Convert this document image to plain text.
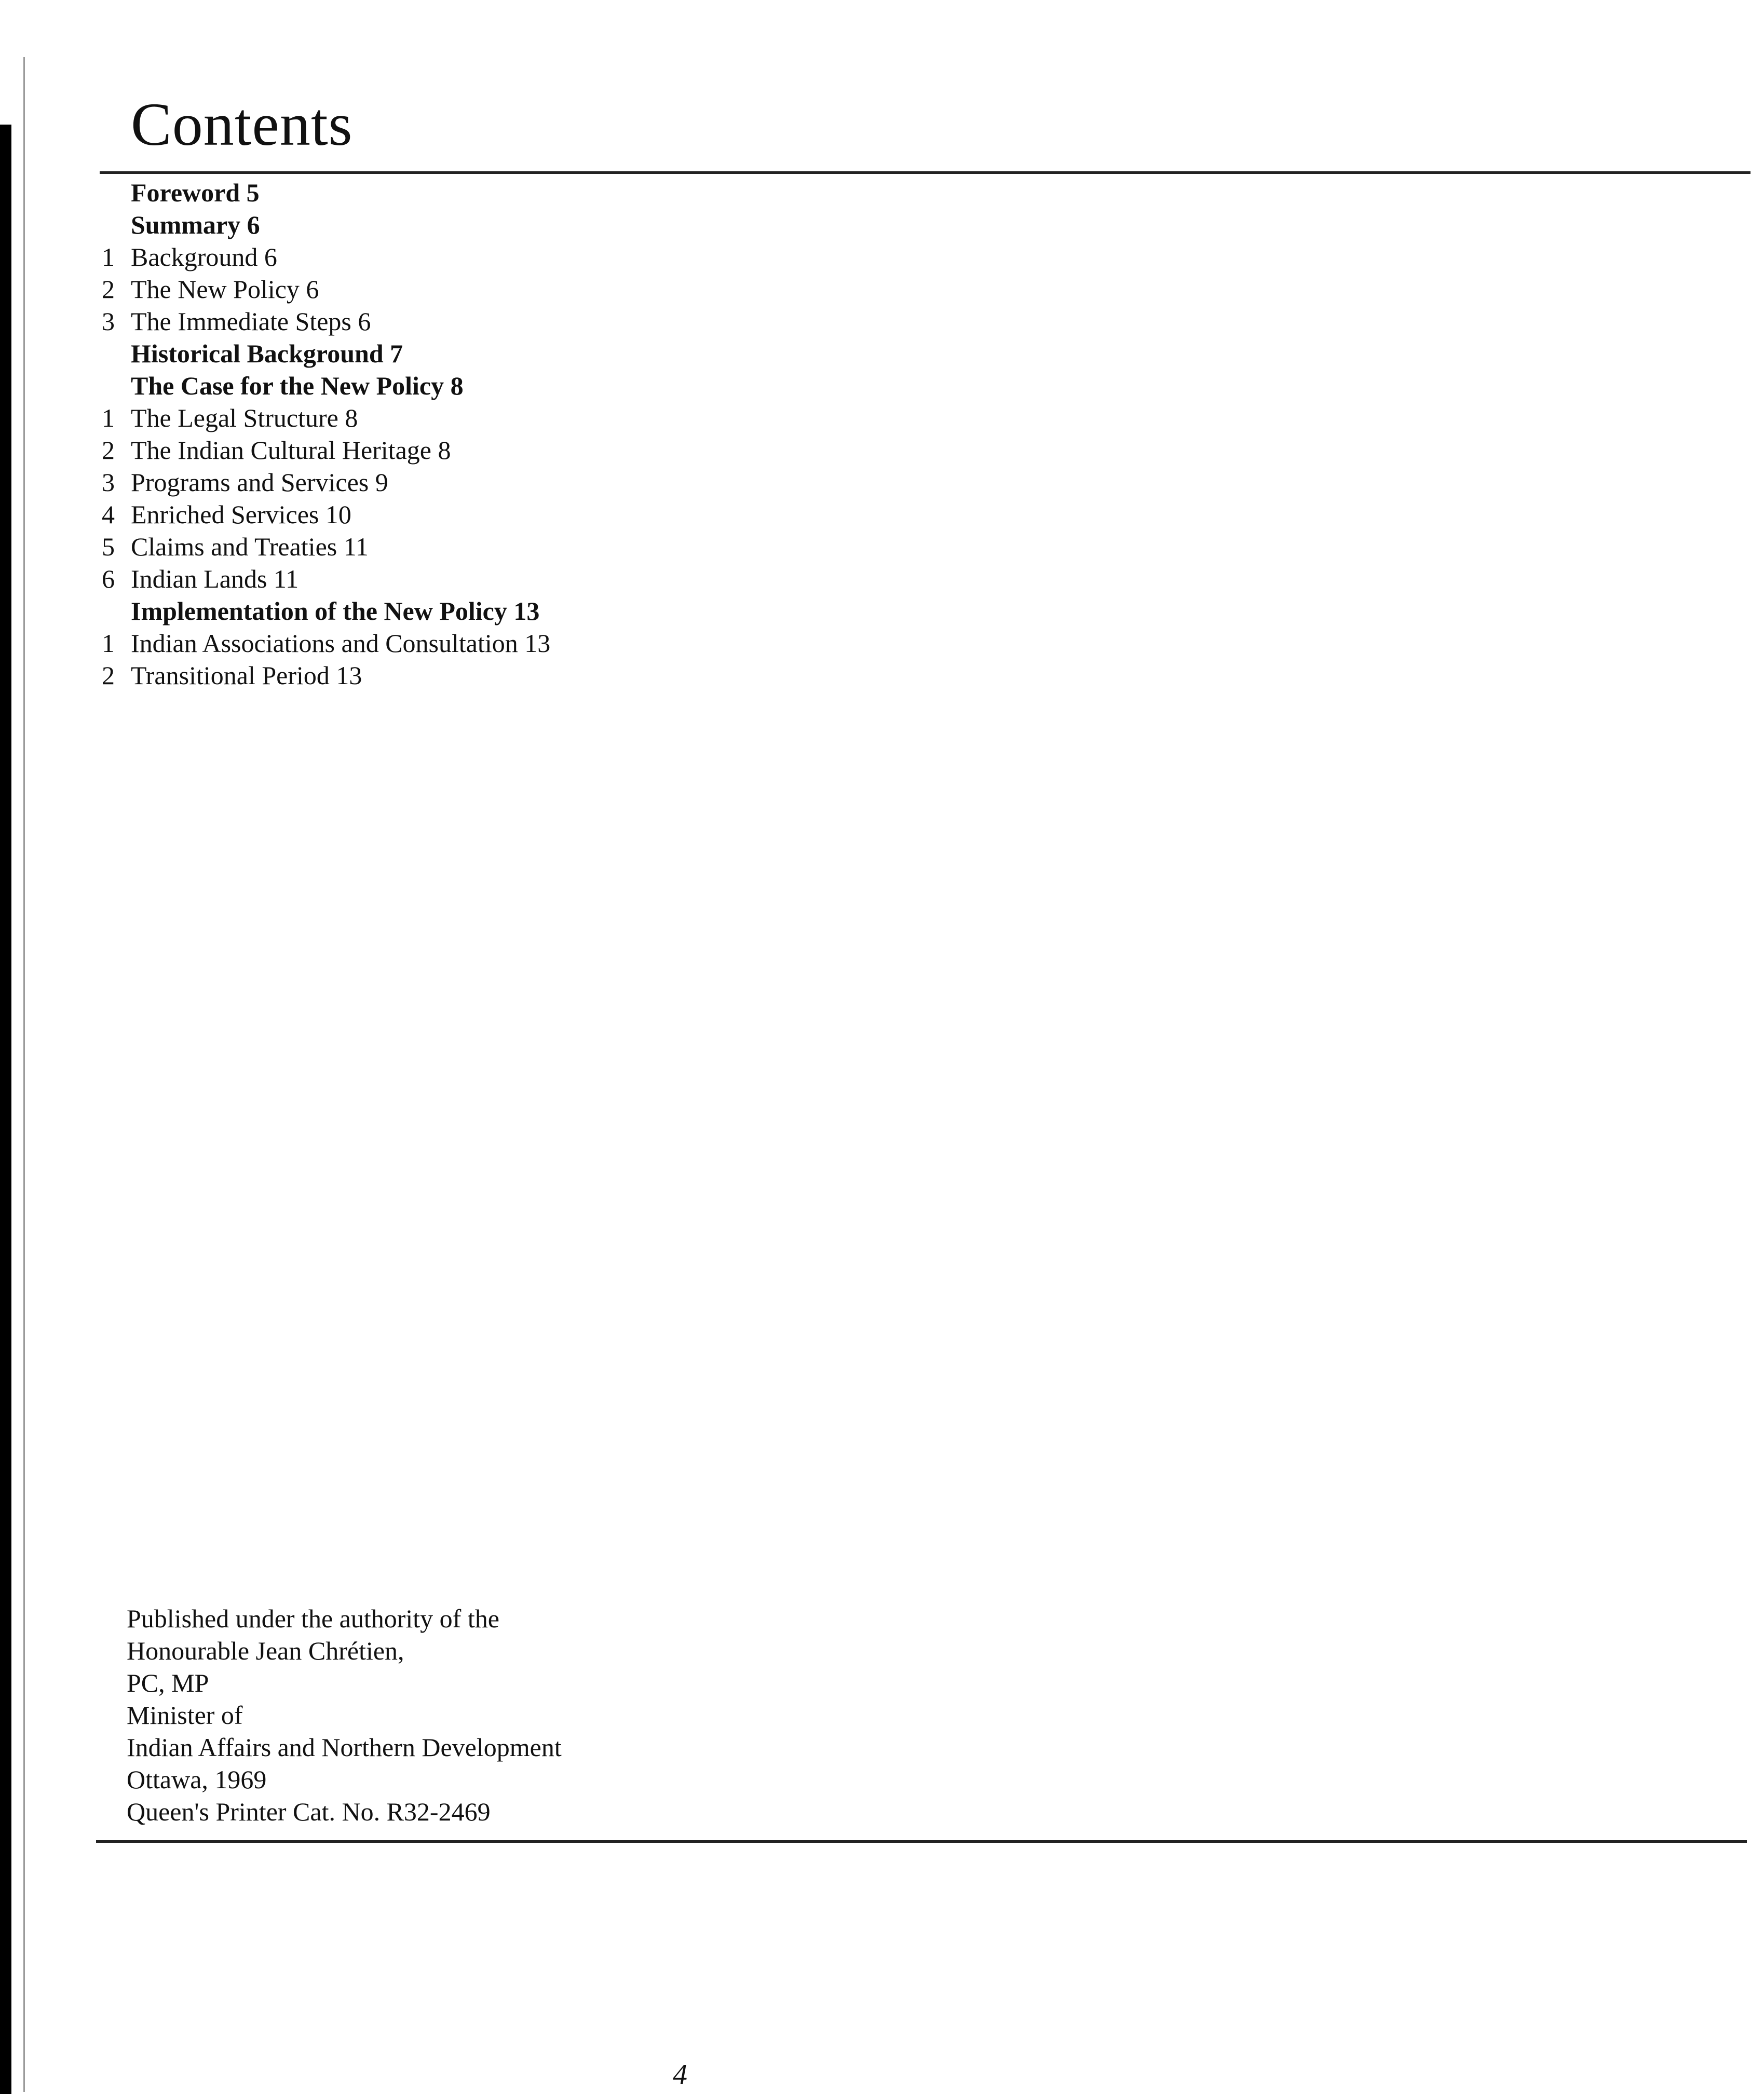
Contents
Foreword 5
Summary 6
1 Background 6
2 The New Policy 6
3 The Immediate Steps 6
Historical Background 7
The Case for the New Policy 8
1 The Legal Structure 8
2 The Indian Cultural Heritage 8
3 Programs and Services 9
4 Enriched Services 10
5 Claims and Treaties 11
6 Indian Lands 11
Implementation of the New Policy 13
1 Indian Associations and Consultation 13
2 Transitional Period 13
Published under the authority of the
Honourable Jean Chrétien,
PC, MP
Minister of
Indian Affairs and Northern Development
Ottawa, 1969
Queen's Printer Cat. No. R32-2469
4
